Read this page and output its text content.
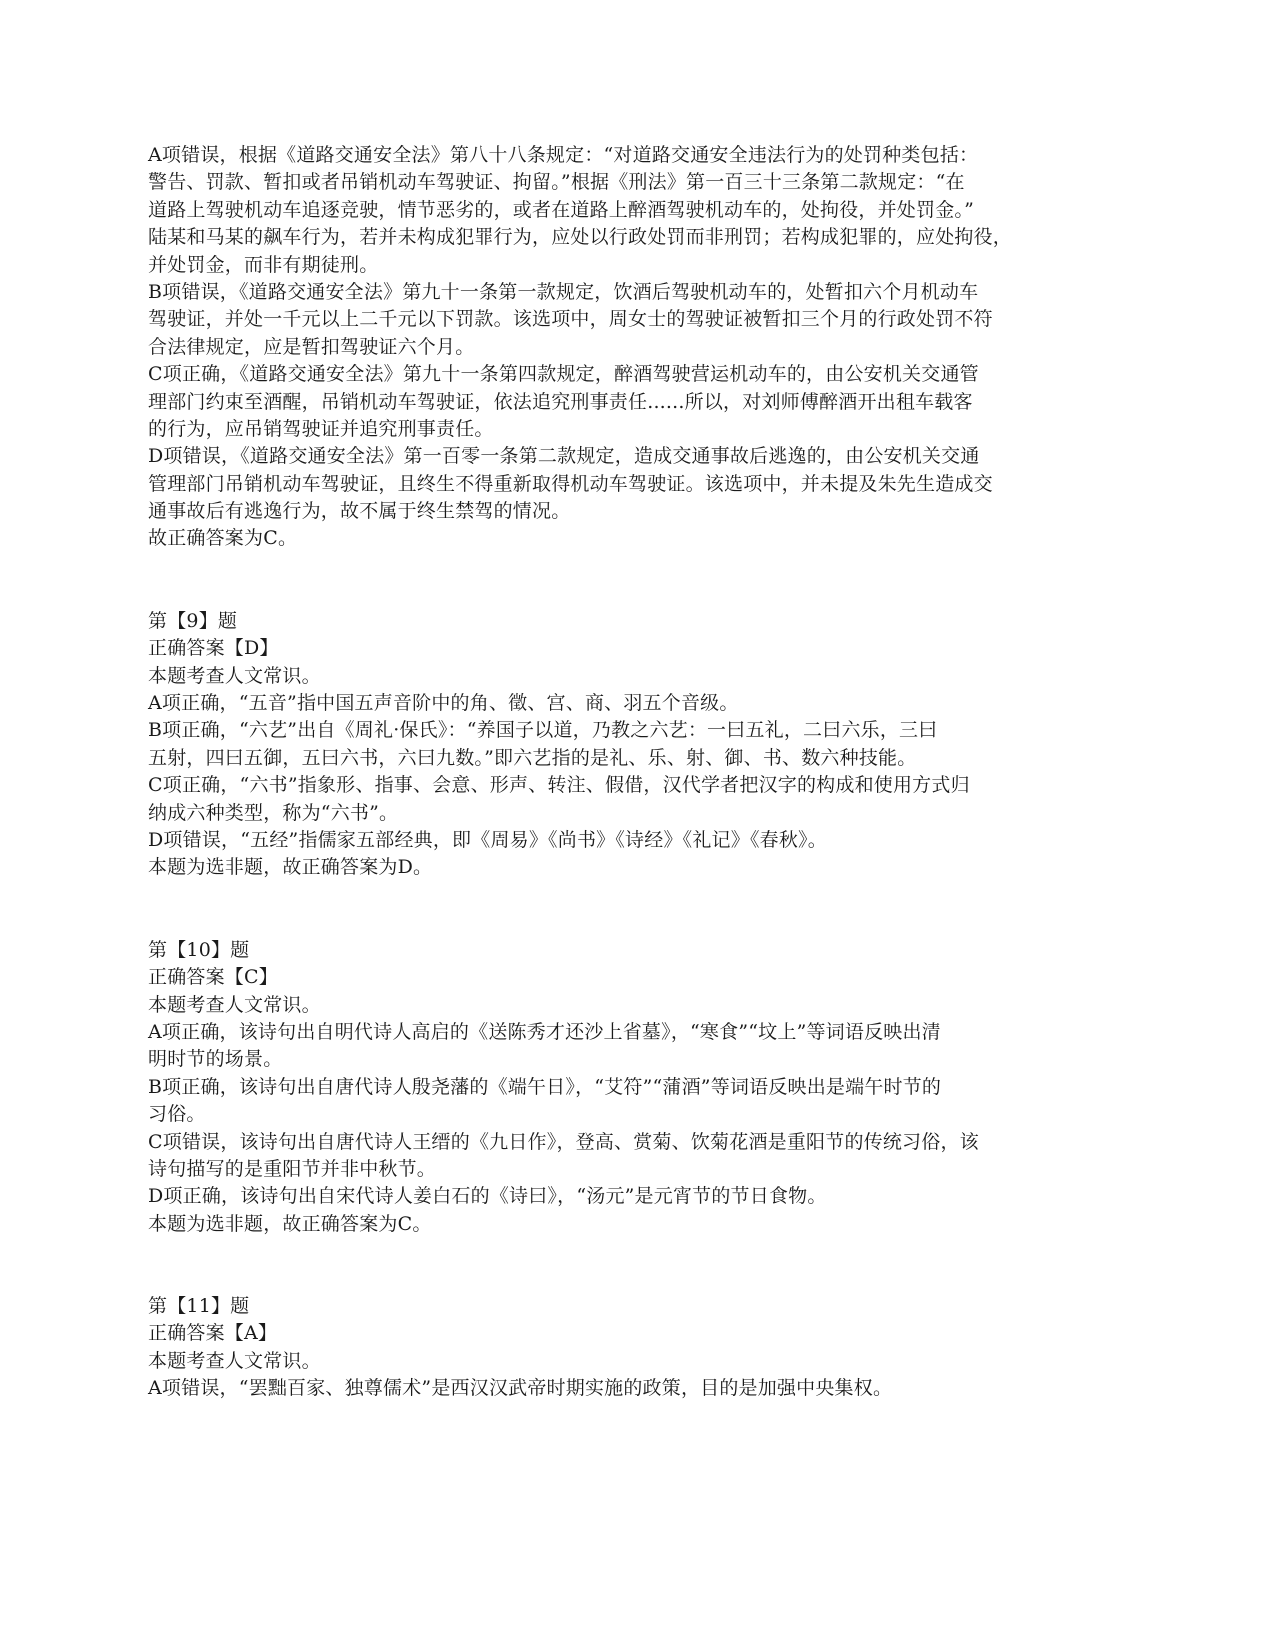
A项错误，根据《道路交通安全法》第八十八条规定：“对道路交通安全违法行为的处罚种类包括：
警告、罚款、暂扣或者吊销机动车驾驶证、拘留。”根据《刑法》第一百三十三条第二款规定：“在
道路上驾驶机动车追逐竞驶，情节恶劣的，或者在道路上醉酒驾驶机动车的，处拘役，并处罚金。”
陆某和马某的飙车行为，若并未构成犯罪行为，应处以行政处罚而非刑罚；若构成犯罪的，应处拘役，
并处罚金，而非有期徒刑。
B项错误，《道路交通安全法》第九十一条第一款规定，饮酒后驾驶机动车的，处暂扣六个月机动车
驾驶证，并处一千元以上二千元以下罚款。该选项中，周女士的驾驶证被暂扣三个月的行政处罚不符
合法律规定，应是暂扣驾驶证六个月。
C项正确，《道路交通安全法》第九十一条第四款规定，醉酒驾驶营运机动车的，由公安机关交通管
理部门约束至酒醒，吊销机动车驾驶证，依法追究刑事责任......所以，对刘师傅醉酒开出租车载客
的行为，应吊销驾驶证并追究刑事责任。
D项错误，《道路交通安全法》第一百零一条第二款规定，造成交通事故后逃逸的，由公安机关交通
管理部门吊销机动车驾驶证，且终生不得重新取得机动车驾驶证。该选项中，并未提及朱先生造成交
通事故后有逃逸行为，故不属于终生禁驾的情况。
故正确答案为C。
第【9】题
正确答案【D】
本题考查人文常识。
A项正确，“五音”指中国五声音阶中的角、徵、宫、商、羽五个音级。
B项正确，“六艺”出自《周礼·保氏》：“养国子以道，乃教之六艺：一曰五礼，二曰六乐，三曰
五射，四曰五御，五曰六书，六曰九数。”即六艺指的是礼、乐、射、御、书、数六种技能。
C项正确，“六书”指象形、指事、会意、形声、转注、假借，汉代学者把汉字的构成和使用方式归
纳成六种类型，称为“六书”。
D项错误，“五经”指儒家五部经典，即《周易》《尚书》《诗经》《礼记》《春秋》。
本题为选非题，故正确答案为D。
第【10】题
正确答案【C】
本题考查人文常识。
A项正确，该诗句出自明代诗人高启的《送陈秀才还沙上省墓》，“寒食”“坟上”等词语反映出清
明时节的场景。
B项正确，该诗句出自唐代诗人殷尧藩的《端午日》，“艾符”“蒲酒”等词语反映出是端午时节的
习俗。
C项错误，该诗句出自唐代诗人王缙的《九日作》，登高、赏菊、饮菊花酒是重阳节的传统习俗，该
诗句描写的是重阳节并非中秋节。
D项正确，该诗句出自宋代诗人姜白石的《诗曰》，“汤元”是元宵节的节日食物。
本题为选非题，故正确答案为C。
第【11】题
正确答案【A】
本题考查人文常识。
A项错误，“罢黜百家、独尊儒术”是西汉汉武帝时期实施的政策，目的是加强中央集权。
